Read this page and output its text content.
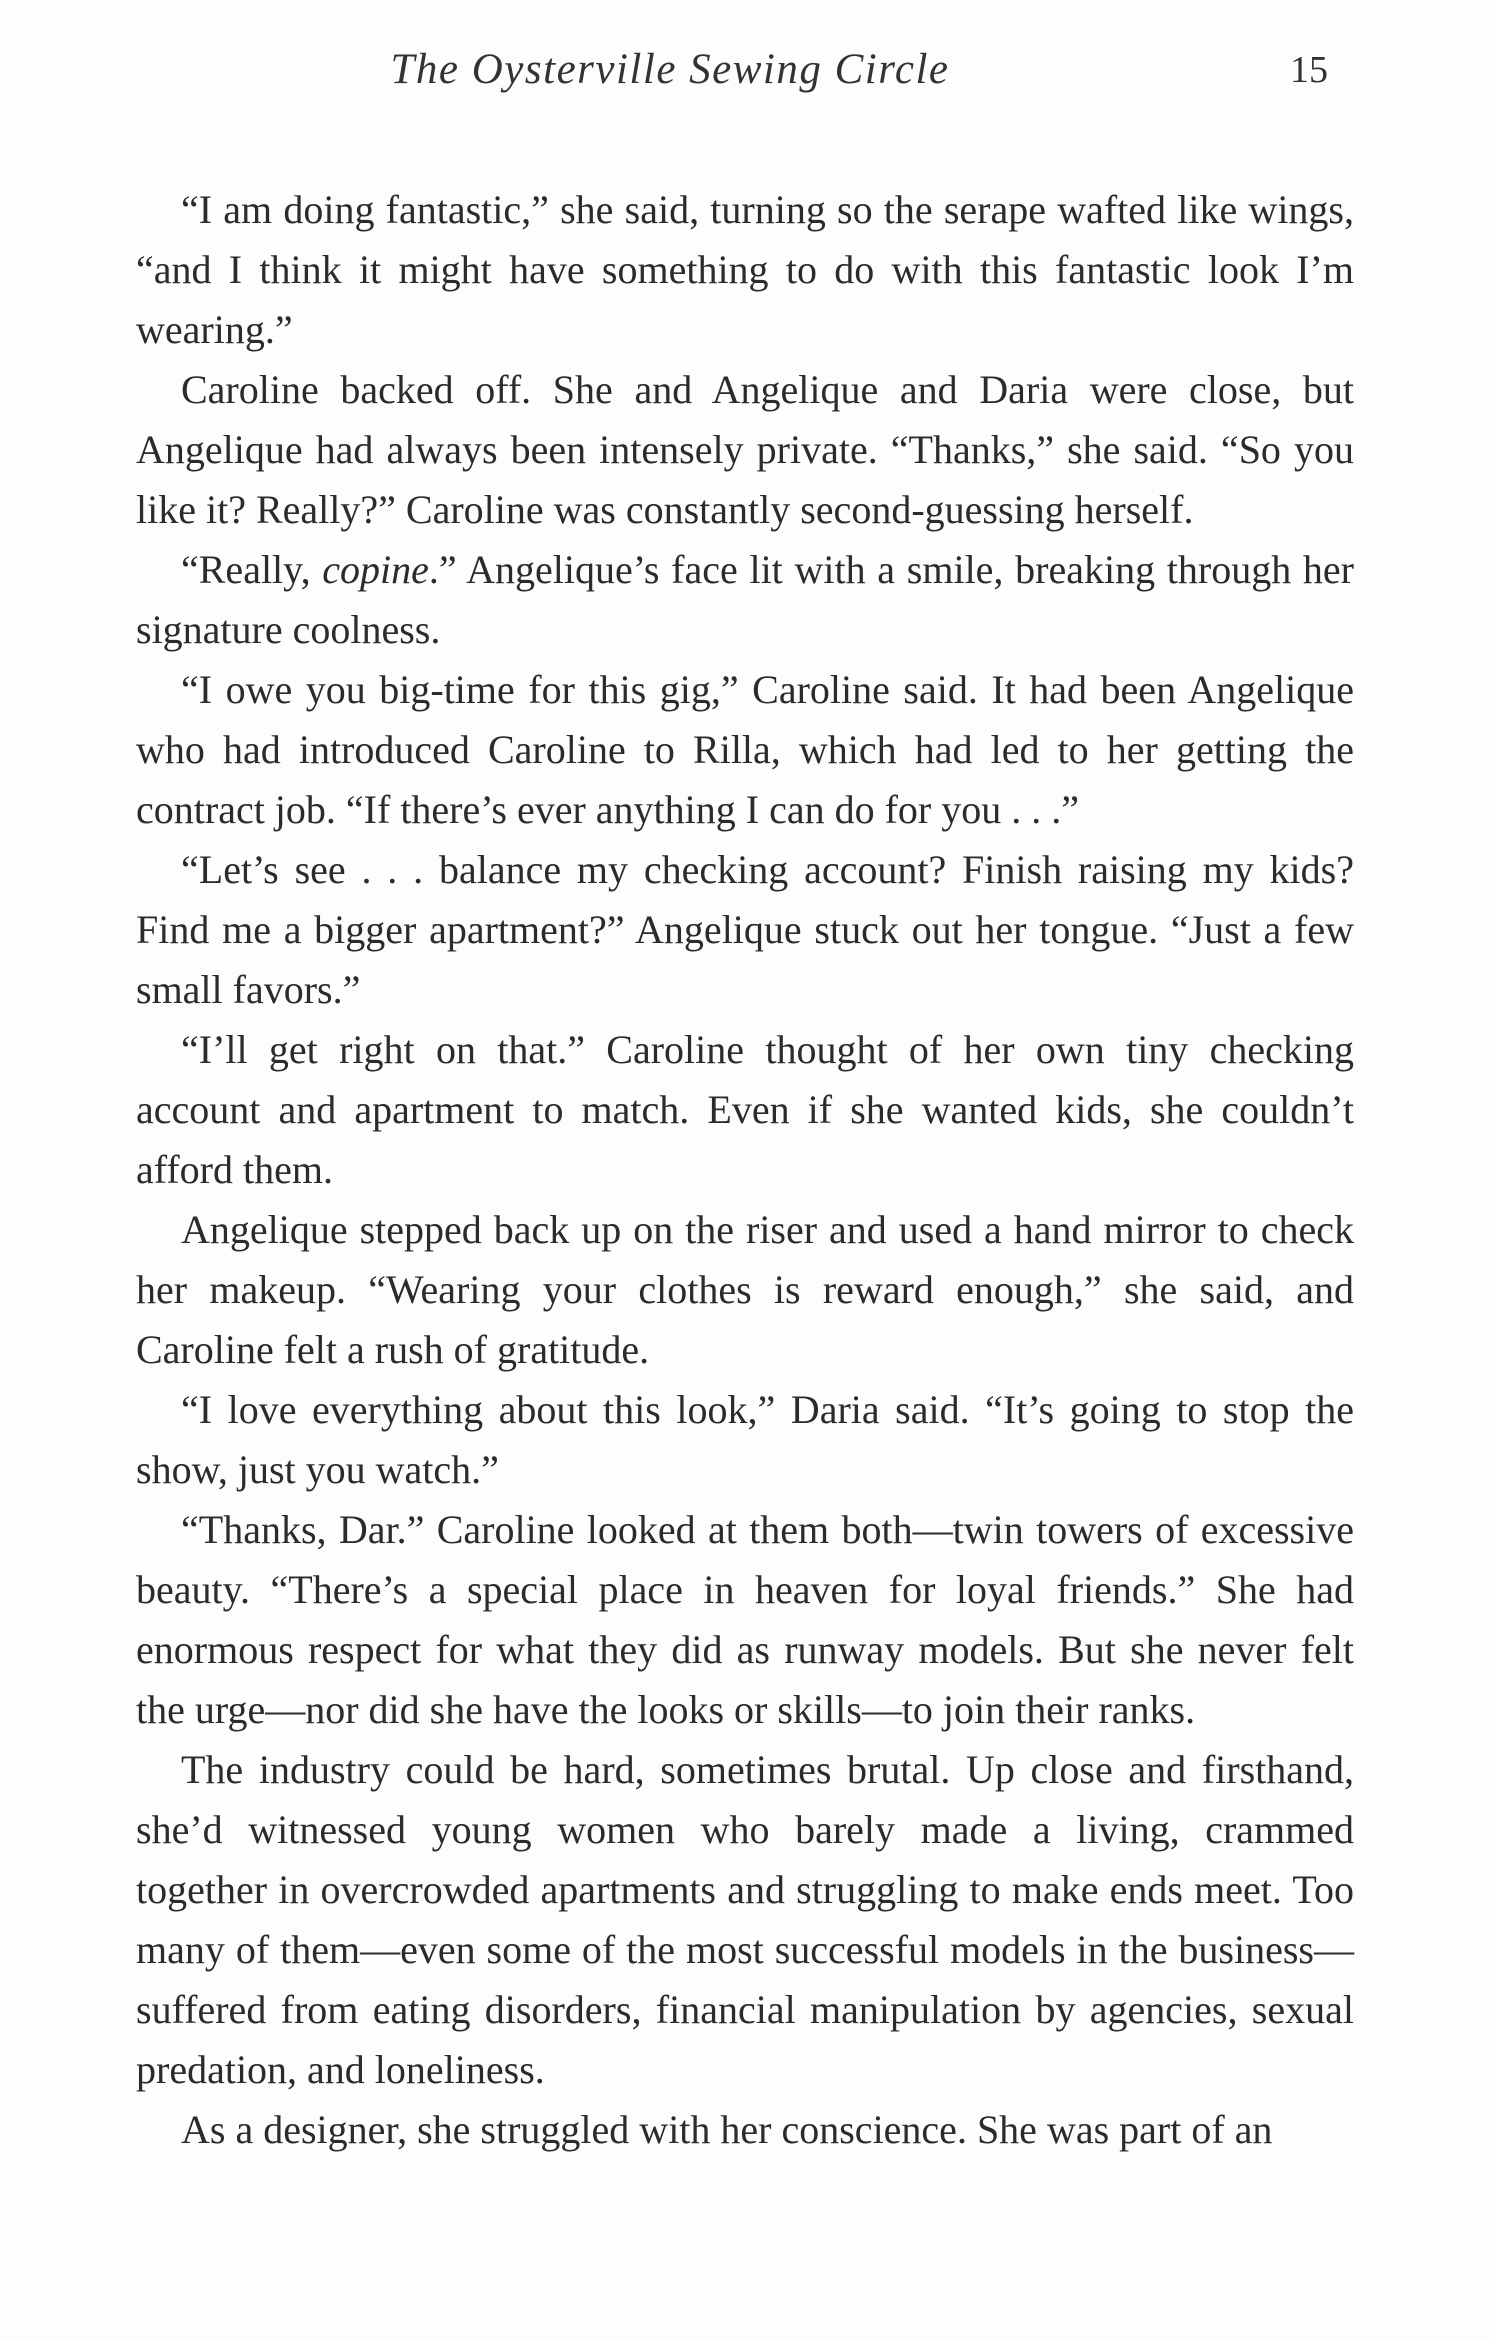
The Oysterville Sewing Circle	15

“I am doing fantastic,” she said, turning so the serape wafted like wings, “and I think it might have something to do with this fantastic look I’m wearing.”

Caroline backed off. She and Angelique and Daria were close, but Angelique had always been intensely private. “Thanks,” she said. “So you like it? Really?” Caroline was constantly second-guessing herself.

“Really, copine.” Angelique’s face lit with a smile, breaking through her signature coolness.

“I owe you big-time for this gig,” Caroline said. It had been Angelique who had introduced Caroline to Rilla, which had led to her getting the contract job. “If there’s ever anything I can do for you . . .”

“Let’s see . . . balance my checking account? Finish raising my kids? Find me a bigger apartment?” Angelique stuck out her tongue. “Just a few small favors.”

“I’ll get right on that.” Caroline thought of her own tiny checking account and apartment to match. Even if she wanted kids, she couldn’t afford them.

Angelique stepped back up on the riser and used a hand mirror to check her makeup. “Wearing your clothes is reward enough,” she said, and Caroline felt a rush of gratitude.

“I love everything about this look,” Daria said. “It’s going to stop the show, just you watch.”

“Thanks, Dar.” Caroline looked at them both—twin towers of excessive beauty. “There’s a special place in heaven for loyal friends.” She had enormous respect for what they did as runway models. But she never felt the urge—nor did she have the looks or skills—to join their ranks.

The industry could be hard, sometimes brutal. Up close and firsthand, she’d witnessed young women who barely made a living, crammed together in overcrowded apartments and struggling to make ends meet. Too many of them—even some of the most successful models in the business—suffered from eating disorders, financial manipulation by agencies, sexual predation, and loneliness.

As a designer, she struggled with her conscience. She was part of an
